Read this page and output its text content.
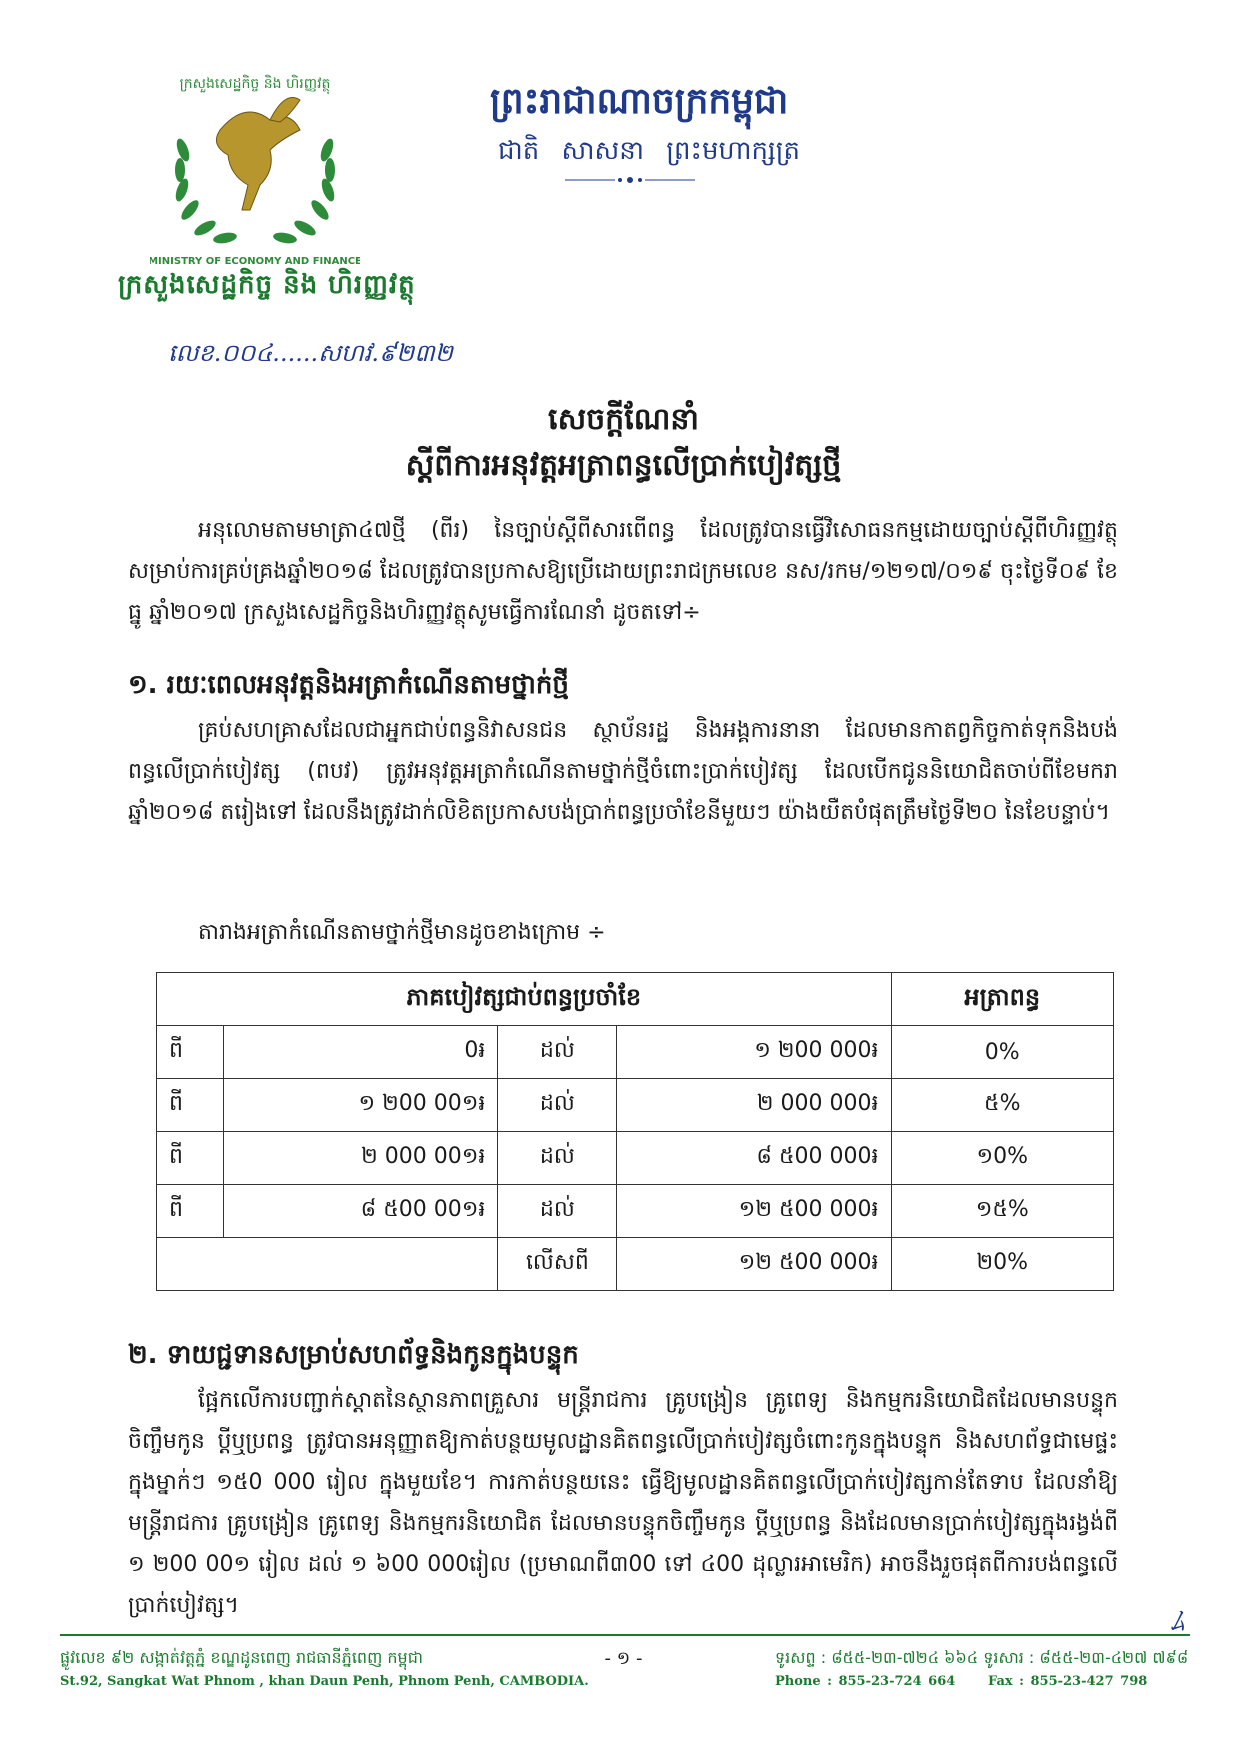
ក្រសួងសេដ្ឋកិច្ច និង ហិរញ្ញវត្ថុ
MINISTRY OF ECONOMY AND FINANCE
ក្រសួងសេដ្ឋកិច្ច និង ហិរញ្ញវត្ថុ
លេខ.០០៤......សហវ.៩២៣២
ព្រះរាជាណាចក្រកម្ពុជា
ជាតិ សាសនា ព្រះមហាក្សត្រ
សេចក្តីណែនាំ
ស្តីពីការអនុវត្តអត្រាពន្ធលើប្រាក់បៀវត្សថ្មី
អនុលោមតាមមាត្រា៤៧ថ្មី (ពីរ) នៃច្បាប់ស្តីពីសារពើពន្ធ ដែលត្រូវបានធ្វើវិសោធនកម្មដោយច្បាប់ស្តីពីហិរញ្ញវត្ថុសម្រាប់ការគ្រប់គ្រងឆ្នាំ២០១៨ ដែលត្រូវបានប្រកាសឱ្យប្រើដោយព្រះរាជក្រមលេខ នស/រកម/១២១៧/០១៩ ចុះថ្ងៃទី០៩ ខែធ្នូ ឆ្នាំ២០១៧ ក្រសួងសេដ្ឋកិច្ចនិងហិរញ្ញវត្ថុសូមធ្វើការណែនាំ ដូចតទៅ÷
១. រយៈពេលអនុវត្តនិងអត្រាកំណើនតាមថ្នាក់ថ្មី
គ្រប់សហគ្រាសដែលជាអ្នកជាប់ពន្ធនិវាសនជន ស្ថាប័នរដ្ឋ និងអង្គការនានា ដែលមានកាតព្វកិច្ចកាត់ទុកនិងបង់ពន្ធលើប្រាក់បៀវត្ស (ពបវ) ត្រូវអនុវត្តអត្រាកំណើនតាមថ្នាក់ថ្មីចំពោះប្រាក់បៀវត្ស ដែលបើកជូននិយោជិតចាប់ពីខែមករា ឆ្នាំ២០១៨ តរៀងទៅ ដែលនឹងត្រូវដាក់លិខិតប្រកាសបង់ប្រាក់ពន្ធប្រចាំខែនីមួយៗ យ៉ាងយឺតបំផុតត្រឹមថ្ងៃទី២០ នៃខែបន្ទាប់។
តារាងអត្រាកំណើនតាមថ្នាក់ថ្មីមានដូចខាងក្រោម ÷
ភាគបៀវត្សជាប់ពន្ធប្រចាំខែ				អត្រាពន្ធ
ពី	0៛	ដល់	១ ២00 000៛	0%
ពី	១ ២00 00១៛	ដល់	២ 000 000៛	៥%
ពី	២ 000 00១៛	ដល់	៨ ៥00 000៛	១0%
ពី	៨ ៥00 00១៛	ដល់	១២ ៥00 000៛	១៥%
		លើសពី	១២ ៥00 000៛	២0%
២. ទាយជ្ជទានសម្រាប់សហព័ទ្ធនិងកូនក្នុងបន្ទុក
ផ្អែកលើការបញ្ជាក់ស្តាតនៃស្ថានភាពគ្រួសារ មន្ត្រីរាជការ គ្រូបង្រៀន គ្រូពេទ្យ និងកម្មករនិយោជិតដែលមានបន្ទុកចិញ្ចឹមកូន ប្តីឬប្រពន្ធ ត្រូវបានអនុញ្ញាតឱ្យកាត់បន្ថយមូលដ្ឋានគិតពន្ធលើប្រាក់បៀវត្សចំពោះកូនក្នុងបន្ទុក និងសហព័ទ្ធជាមេផ្ទះ ក្នុងម្នាក់ៗ ១៥0 000 រៀល ក្នុងមួយខែ។ ការកាត់បន្ថយនេះ ធ្វើឱ្យមូលដ្ឋានគិតពន្ធលើប្រាក់បៀវត្សកាន់តែទាប ដែលនាំឱ្យមន្ត្រីរាជការ គ្រូបង្រៀន គ្រូពេទ្យ និងកម្មករនិយោជិត ដែលមានបន្ទុកចិញ្ចឹមកូន ប្តីឬប្រពន្ធ និងដែលមានប្រាក់បៀវត្សក្នុងរង្វង់ពី ១ ២00 00១ រៀល ដល់ ១ ៦00 000រៀល (ប្រមាណពី៣00 ទៅ ៤00 ដុល្លារអាមេរិក) អាចនឹងរួចផុតពីការបង់ពន្ធលើប្រាក់បៀវត្ស។	ﾑ
ផ្លូវលេខ ៩២ សង្កាត់វត្តភ្នំ ខណ្ឌដូនពេញ រាជធានីភ្នំពេញ កម្ពុជា
St.92, Sangkat Wat Phnom , khan Daun Penh, Phnom Penh, CAMBODIA.
- ១ -	ទូរសព្ទ : ៨៥៥-២៣-៧២៤ ៦៦៤ ទូរសារ : ៨៥៥-២៣-៤២៧ ៧៩៨
Phone : 855-23-724 664	Fax : 855-23-427 798
